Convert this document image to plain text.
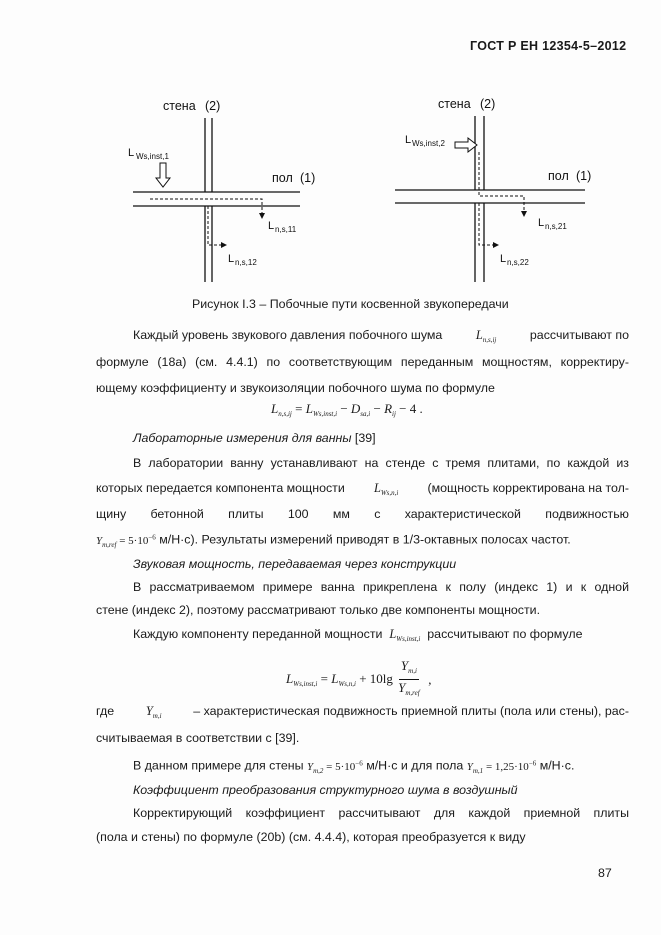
ГОСТ Р ЕН 12354-5–2012
стена (2)
пол (1)
L Ws,inst,1
L n,s,11
L n,s,12
стена (2)
пол (1)
L Ws,inst,2
L n,s,21
L n,s,22
Рисунок I.3 – Побочные пути косвенной звукопередачи
Каждый уровень звукового давления побочного шума	$L_{n,s,ij}$	рассчитывают по
формуле (18а) (см. 4.4.1) по соответствующим переданным мощностям, корректиру-
ющему коэффициенту и звукоизоляции побочного шума по формуле
$L_{n,s,ij} = L_{Ws,inst,i} - D_{sa,i} - R_{ij} - 4$ .
Лабораторные измерения для ванны [39]
В лаборатории ванну устанавливают на стенде с тремя плитами, по каждой из
которых передается компонента мощности $L_{Ws,n,i}$ (мощность корректирована на тол-
щину бетонной плиты 100 мм с характеристической подвижностью
$Y_{m,ref} = 5\cdot 10^{-6}$ м/Н·с). Результаты измерений приводят в 1/3-октавных полосах частот.
Звуковая мощность, передаваемая через конструкции
В рассматриваемом примере ванна прикреплена к полу (индекс 1) и к одной
стене (индекс 2), поэтому рассматривают только две компоненты мощности.
Каждую компоненту переданной мощности $L_{Ws,inst,i}$ рассчитывают по формуле
$L_{Ws,inst,i} = L_{Ws,n,i} + 10\lg$
$Y_{m,i}$
$Y_{m,ref}$
,
где	$Y_{m,i}$	– характеристическая подвижность приемной плиты (пола или стены), рас-
считываемая в соответствии с [39].
В данном примере для стены $Y_{m,2} = 5\cdot 10^{-6}$ м/Н·с и для пола $Y_{m,1} = 1,25\cdot 10^{-6}$ м/Н·с.
Коэффициент преобразования структурного шума в воздушный
Корректирующий коэффициент рассчитывают для каждой приемной плиты
(пола и стены) по формуле (20b) (см. 4.4.4), которая преобразуется к виду
87
